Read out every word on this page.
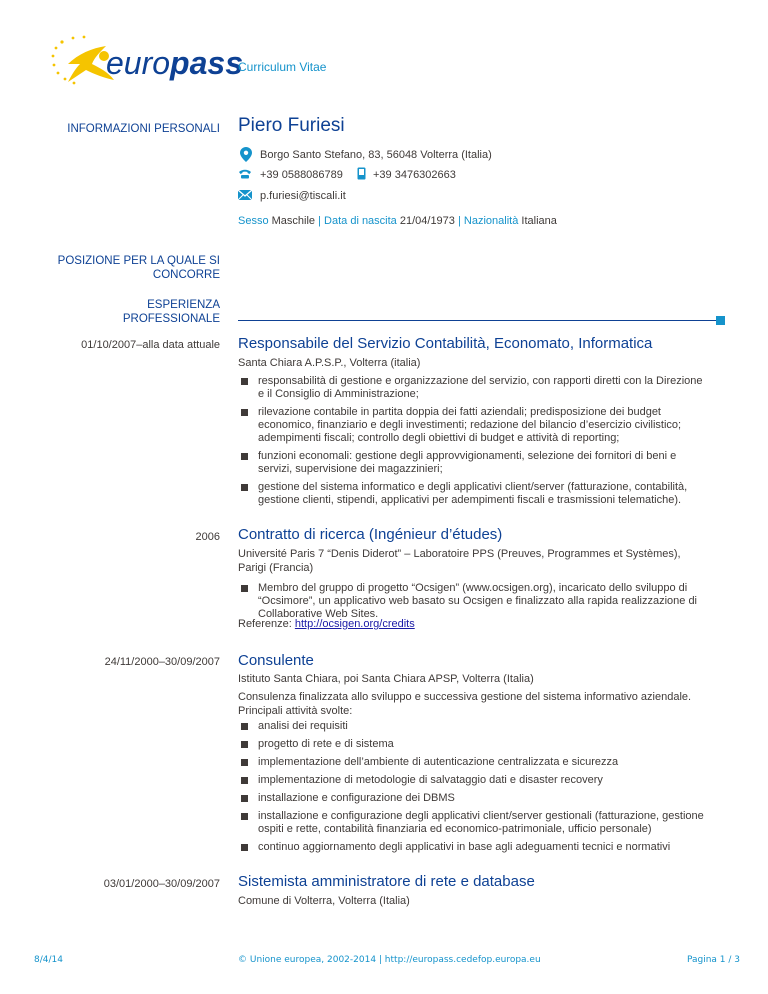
europass
Curriculum Vitae
INFORMAZIONI PERSONALI Piero Furiesi
Borgo Santo Stefano, 83, 56048 Volterra (Italia)
+39 0588086789	+39 3476302663
p.furiesi@tiscali.it
Sesso Maschile | Data di nascita 21/04/1973 | Nazionalità Italiana
POSIZIONE PER LA QUALE SI
CONCORRE
ESPERIENZA
PROFESSIONALE
01/10/2007–alla data attuale Responsabile del Servizio Contabilità, Economato, Informatica
Santa Chiara A.P.S.P., Volterra (italia)
responsabilità di gestione e organizzazione del servizio, con rapporti diretti con la Direzione e il Consiglio di Amministrazione;
rilevazione contabile in partita doppia dei fatti aziendali; predisposizione dei budget economico, finanziario e degli investimenti; redazione del bilancio d’esercizio civilistico; adempimenti fiscali; controllo degli obiettivi di budget e attività di reporting;
funzioni economali: gestione degli approvvigionamenti, selezione dei fornitori di beni e servizi, supervisione dei magazzinieri;
gestione del sistema informatico e degli applicativi client/server (fatturazione, contabilità, gestione clienti, stipendi, applicativi per adempimenti fiscali e trasmissioni telematiche).
2006 Contratto di ricerca (Ingénieur d’études)
Université Paris 7 “Denis Diderot” – Laboratoire PPS (Preuves, Programmes et Systèmes), Parigi (Francia)
Membro del gruppo di progetto “Ocsigen” (www.ocsigen.org), incaricato dello sviluppo di “Ocsimore”, un applicativo web basato su Ocsigen e finalizzato alla rapida realizzazione di Collaborative Web Sites.
Referenze: http://ocsigen.org/credits
24/11/2000–30/09/2007 Consulente
Istituto Santa Chiara, poi Santa Chiara APSP, Volterra (Italia)
Consulenza finalizzata allo sviluppo e successiva gestione del sistema informativo aziendale. Principali attività svolte:
analisi dei requisiti
progetto di rete e di sistema
implementazione dell’ambiente di autenticazione centralizzata e sicurezza
implementazione di metodologie di salvataggio dati e disaster recovery
installazione e configurazione dei DBMS
installazione e configurazione degli applicativi client/server gestionali (fatturazione, gestione ospiti e rette, contabilità finanziaria ed economico-patrimoniale, ufficio personale)
continuo aggiornamento degli applicativi in base agli adeguamenti tecnici e normativi
03/01/2000–30/09/2007 Sistemista amministratore di rete e database
Comune di Volterra, Volterra (Italia)
8/4/14	© Unione europea, 2002-2014 | http://europass.cedefop.europa.eu	Pagina 1 / 3
